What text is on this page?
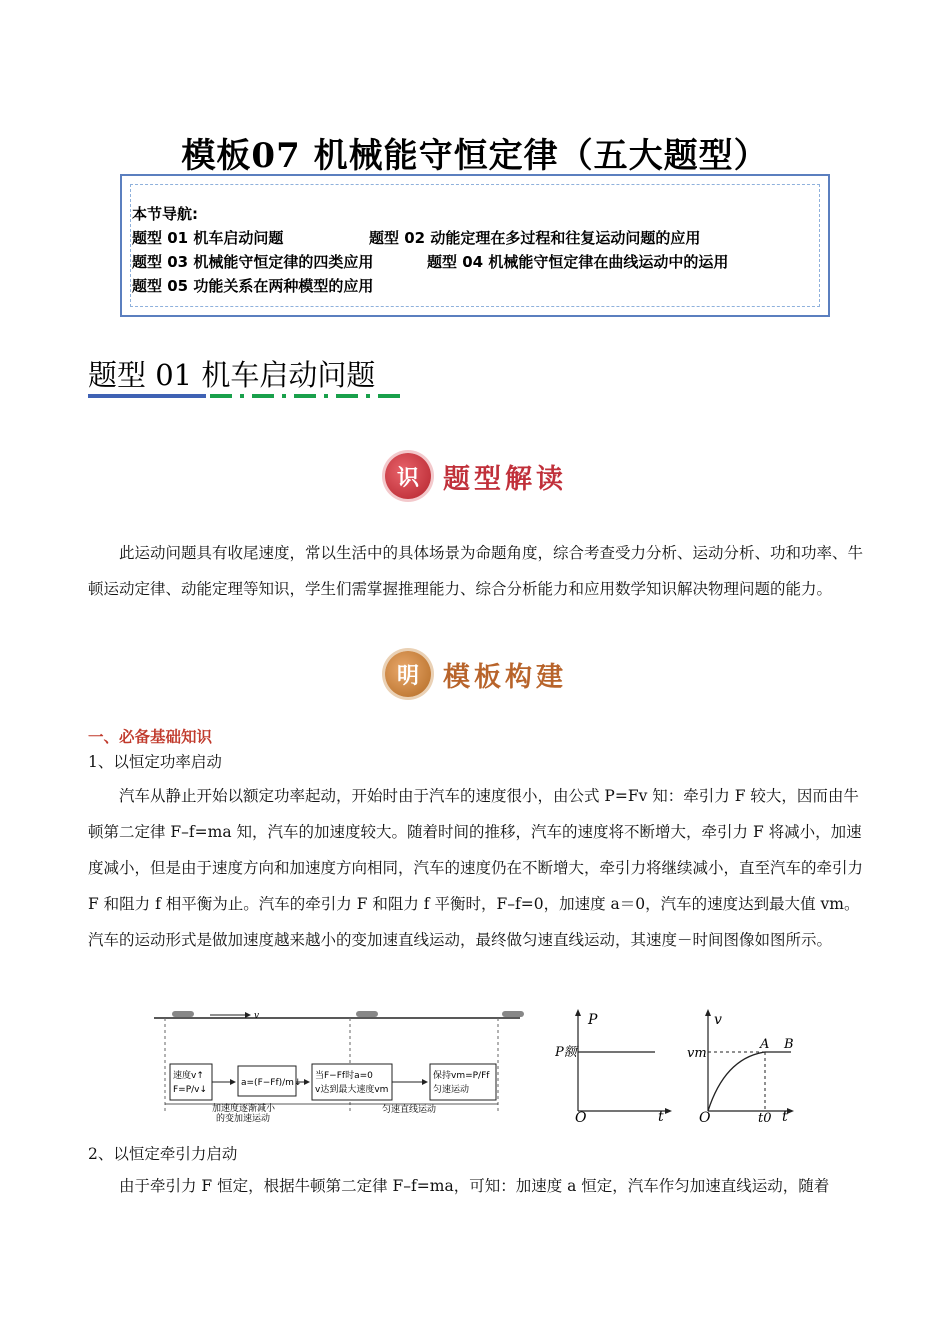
模板07 机械能守恒定律（五大题型）
本节导航:
题型 01 机车启动问题	题型 02 动能定理在多过程和往复运动问题的应用
题型 03 机械能守恒定律的四类应用	题型 04 机械能守恒定律在曲线运动中的运用
题型 05 功能关系在两种模型的应用
题型 01 机车启动问题
识 题型解读
此运动问题具有收尾速度，常以生活中的具体场景为命题角度，综合考查受力分析、运动分析、功和功率、牛顿运动定律、动能定理等知识，学生们需掌握推理能力、综合分析能力和应用数学知识解决物理问题的能力。
明 模板构建
一、必备基础知识
1、以恒定功率启动
汽车从静止开始以额定功率起动，开始时由于汽车的速度很小，由公式 P=Fv 知：牵引力 F 较大，因而由牛顿第二定律 F–f=ma 知，汽车的加速度较大。随着时间的推移，汽车的速度将不断增大，牵引力 F 将减小，加速度减小，但是由于速度方向和加速度方向相同，汽车的速度仍在不断增大，牵引力将继续减小，直至汽车的牵引力 F 和阻力 f 相平衡为止。汽车的牵引力 F 和阻力 f 平衡时，F–f=0，加速度 a＝0，汽车的速度达到最大值 vm。汽车的运动形式是做加速度越来越小的变加速直线运动，最终做匀速直线运动，其速度－时间图像如图所示。
v
速度v↑
F=P/v↓
a=(F−Ff)/m↓
当F−Ff时a=0
v达到最大速度vm
保持vm=P/Ff
匀速运动
加速度逐渐减小
的变加速运动
匀速直线运动
P
t
O
P额
v
t
O
vm
A B
t0
2、以恒定牵引力启动
由于牵引力 F 恒定，根据牛顿第二定律 F–f=ma，可知：加速度 a 恒定，汽车作匀加速直线运动，随着
